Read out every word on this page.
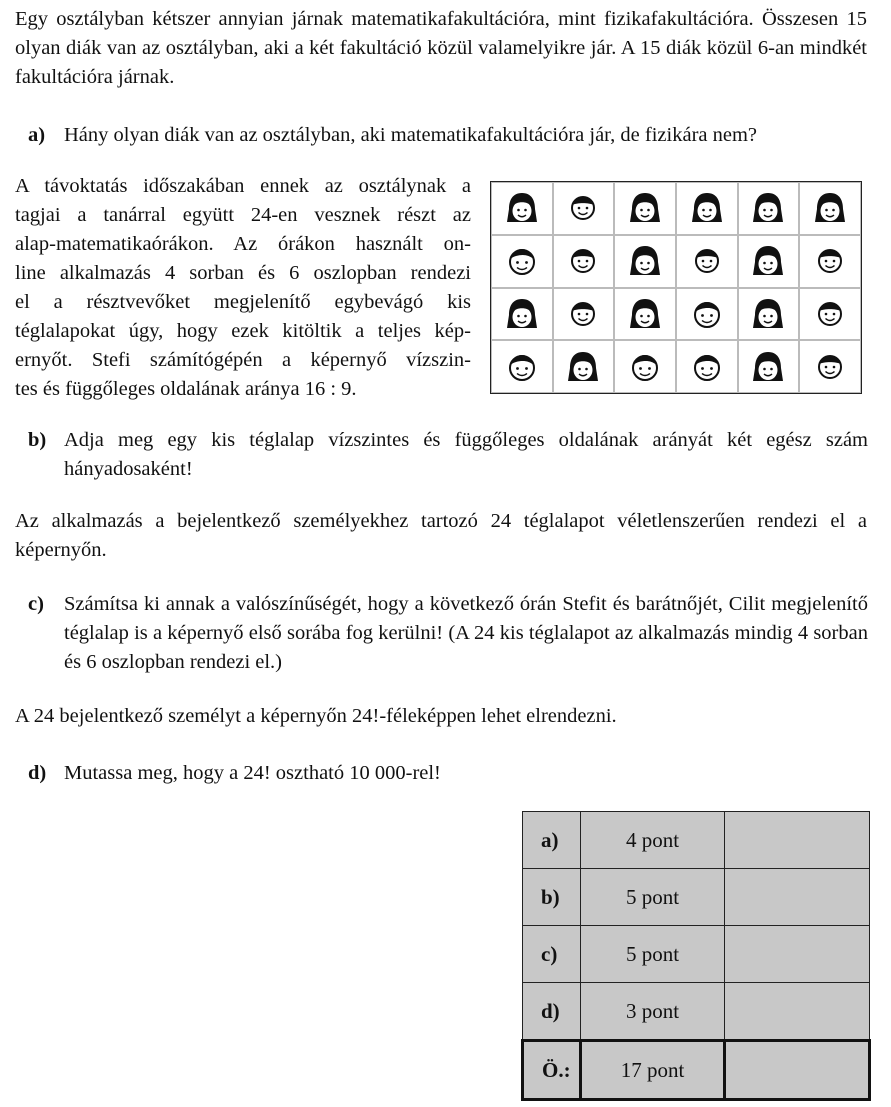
Egy osztályban kétszer annyian járnak matematikafakultációra, mint fizikafakultációra. Összesen 15 olyan diák van az osztályban, aki a két fakultáció közül valamelyikre jár. A 15 diák közül 6-an mindkét fakultációra járnak.
a) Hány olyan diák van az osztályban, aki matematikafakultációra jár, de fizikára nem?
A távoktatás időszakában ennek az osztálynak a
tagjai a tanárral együtt 24-en vesznek részt az
alap-matematikaórákon. Az órákon használt on-
line alkalmazás 4 sorban és 6 oszlopban rendezi
el a résztvevőket megjelenítő egybevágó kis
téglalapokat úgy, hogy ezek kitöltik a teljes kép-
ernyőt. Stefi számítógépén a képernyő vízszin-
tes és függőleges oldalának aránya 16 : 9.
b) Adja meg egy kis téglalap vízszintes és függőleges oldalának arányát két egész szám hányadosaként!
Az alkalmazás a bejelentkező személyekhez tartozó 24 téglalapot véletlenszerűen rendezi el a képernyőn.
c) Számítsa ki annak a valószínűségét, hogy a következő órán Stefit és barátnőjét, Cilit megjelenítő téglalap is a képernyő első sorába fog kerülni! (A 24 kis téglalapot az alkalmazás mindig 4 sorban és 6 oszlopban rendezi el.)
A 24 bejelentkező személyt a képernyőn 24!-féleképpen lehet elrendezni.
d) Mutassa meg, hogy a 24! osztható 10 000-rel!
a)	4 pont	
b)	5 pont	
c)	5 pont	
d)	3 pont	
Ö.:	17 pont	
